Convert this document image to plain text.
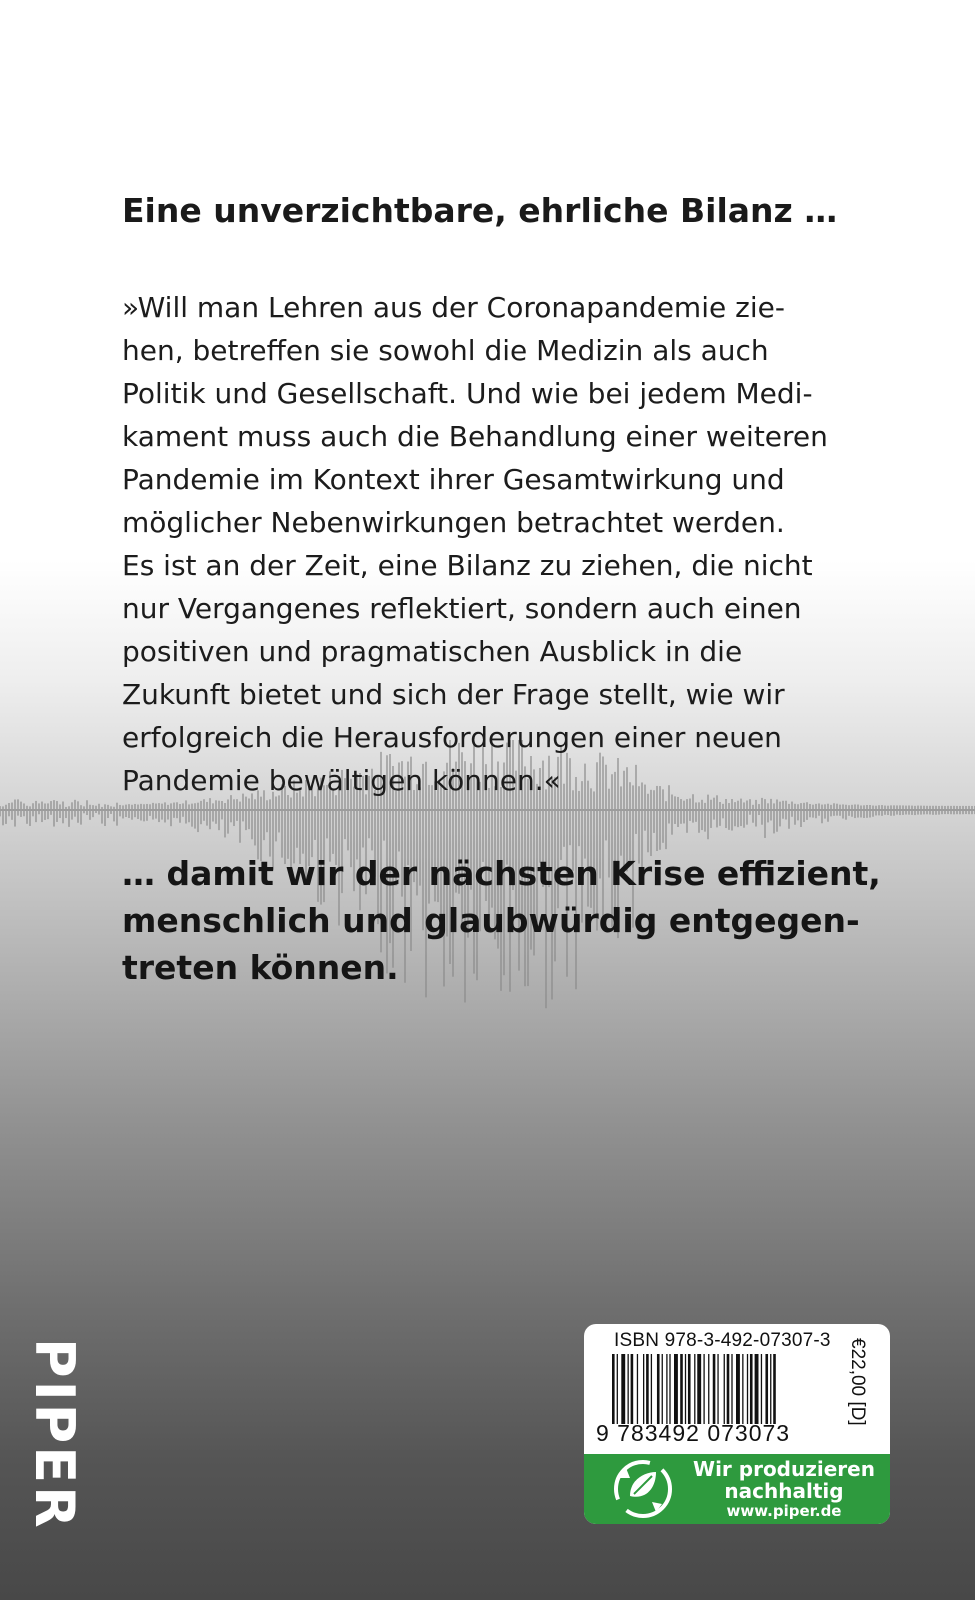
Eine unverzichtbare, ehrliche Bilanz …
»Will man Lehren aus der Coronapandemie zie-
hen, betreffen sie sowohl die Medizin als auch
Politik und Gesellschaft. Und wie bei jedem Medi-
kament muss auch die Behandlung einer weiteren
Pandemie im Kontext ihrer Gesamtwirkung und
möglicher Nebenwirkungen betrachtet werden.
Es ist an der Zeit, eine Bilanz zu ziehen, die nicht
nur Vergangenes reflektiert, sondern auch einen
positiven und pragmatischen Ausblick in die
Zukunft bietet und sich der Frage stellt, wie wir
erfolgreich die Herausforderungen einer neuen
Pandemie bewältigen können.«
… damit wir der nächsten Krise effizient,
menschlich und glaubwürdig entgegen-
treten können.
PIPER	ISBN 978-3-492-07307-3
9 783492 073073
€22,00 [D]
Wir produzieren
nachhaltig
www.piper.de
